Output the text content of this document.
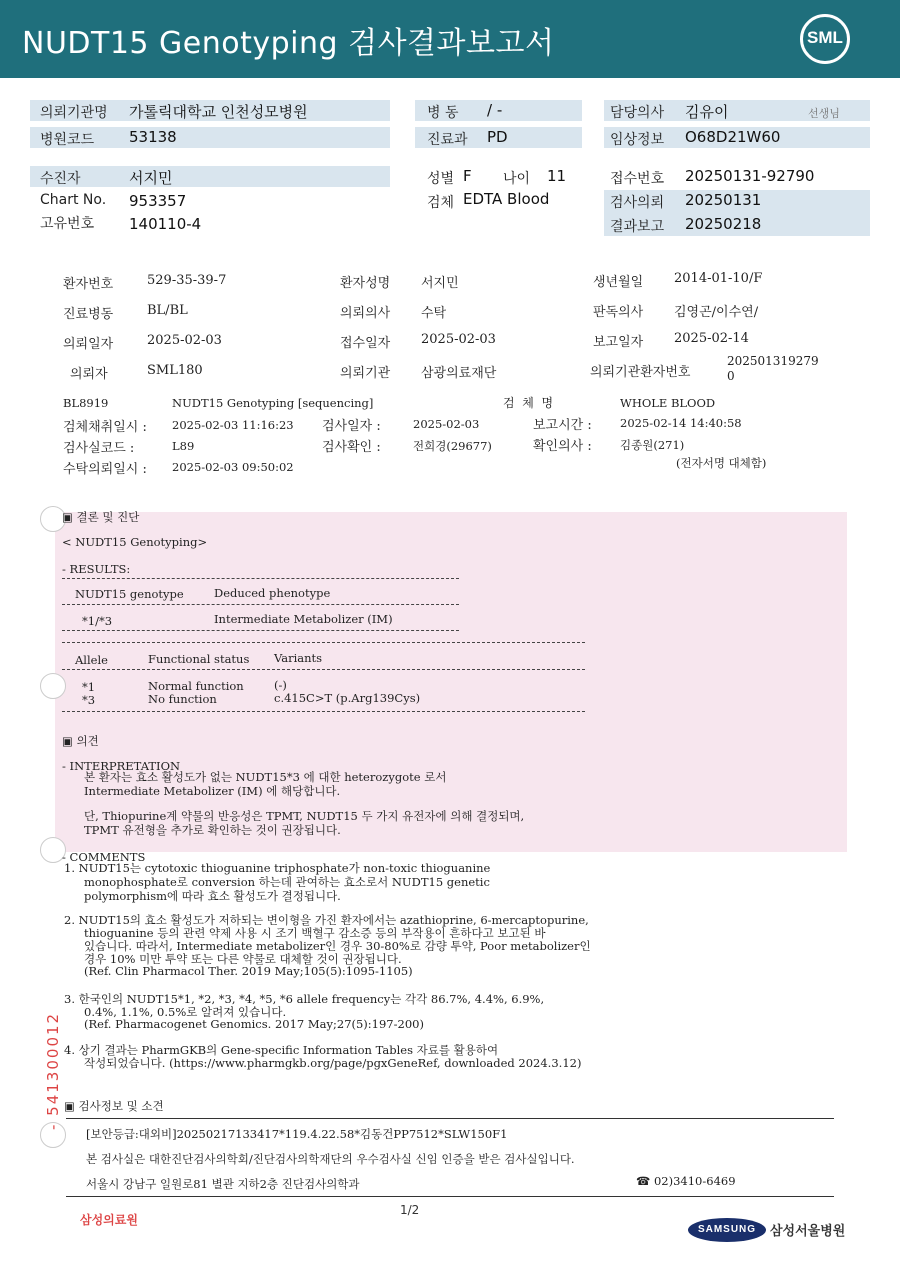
NUDT15 Genotyping 검사결과보고서	SML
의뢰기관명 가톨릭대학교 인천성모병원
병원코드 53138
병 동 / -
진료과 PD
담당의사 김유이	선생님
임상정보 O68D21W60
수진자	서지민
Chart No. 953357
고유번호 140110-4
성별 F 나이 11
검체 EDTA Blood
접수번호 20250131-92790
검사의뢰 20250131
결과보고 20250218
환자번호	529-35-39-7	환자성명 서지민	생년월일 2014-01-10/F
진료병동	BL/BL	의뢰의사 수탁	판독의사 김영곤/이수연/
의뢰일자	2025-02-03	접수일자 2025-02-03	보고일자 2025-02-14
의뢰자	SML180	의뢰기관 삼광의료재단	의뢰기관환자번호
202501319279
0
BL8919	NUDT15 Genotyping [sequencing]	검  체  명	WHOLE BLOOD
검체채취일시 : 2025-02-03 11:16:23 검사일자 :	2025-02-03	보고시간 : 2025-02-14 14:40:58
검사실코드 :	L89	검사확인 :	전희경(29677)	확인의사 : 김종원(271)
수탁의뢰일시 : 2025-02-03 09:50:02	(전자서명 대체함)
▣ 결론 및 진단
< NUDT15 Genotyping>
- RESULTS:
NUDT15 genotype	Deduced phenotype
*1/*3	Intermediate Metabolizer (IM)
Allele	Functional status Variants
*1	Normal function	(-)
*3	No function	c.415C>T (p.Arg139Cys)
▣ 의견
- INTERPRETATION
본 환자는 효소 활성도가 없는 NUDT15*3 에 대한 heterozygote 로서
Intermediate Metabolizer (IM) 에 해당합니다.
단, Thiopurine계 약물의 반응성은 TPMT, NUDT15 두 가지 유전자에 의해 결정되며,
TPMT 유전형을 추가로 확인하는 것이 권장됩니다.
- COMMENTS
1. NUDT15는 cytotoxic thioguanine triphosphate가 non-toxic thioguanine
monophosphate로 conversion 하는데 관여하는 효소로서 NUDT15 genetic
polymorphism에 따라 효소 활성도가 결정됩니다.
2. NUDT15의 효소 활성도가 저하되는 변이형을 가진 환자에서는 azathioprine, 6-mercaptopurine,
thioguanine 등의 관련 약제 사용 시 조기 백혈구 감소증 등의 부작용이 흔하다고 보고된 바
있습니다. 따라서, Intermediate metabolizer인 경우 30-80%로 감량 투약, Poor metabolizer인
경우 10% 미만 투약 또는 다른 약물로 대체할 것이 권장됩니다.
(Ref. Clin Pharmacol Ther. 2019 May;105(5):1095-1105)
3. 한국인의 NUDT15*1, *2, *3, *4, *5, *6 allele frequency는 각각 86.7%, 4.4%, 6.9%,
0.4%, 1.1%, 0.5%로 알려져 있습니다.
(Ref. Pharmacogenet Genomics. 2017 May;27(5):197-200)
4. 상기 결과는 PharmGKB의 Gene-specific Information Tables 자료를 활용하여
작성되었습니다. (https://www.pharmgkb.org/page/pgxGeneRef, downloaded 2024.3.12)
- 541300012 ▣ 검사정보 및 소견
[보안등급:대외비]20250217133417*119.4.22.58*김동건PP7512*SLW150F1
본 검사실은 대한진단검사의학회/진단검사의학재단의 우수검사실 신임 인증을 받은 검사실입니다.
서울시 강남구 일원로81 별관 지하2층 진단검사의학과	☎ 02)3410-6469
삼성의료원
1/2
SAMSUNG	삼성서울병원
